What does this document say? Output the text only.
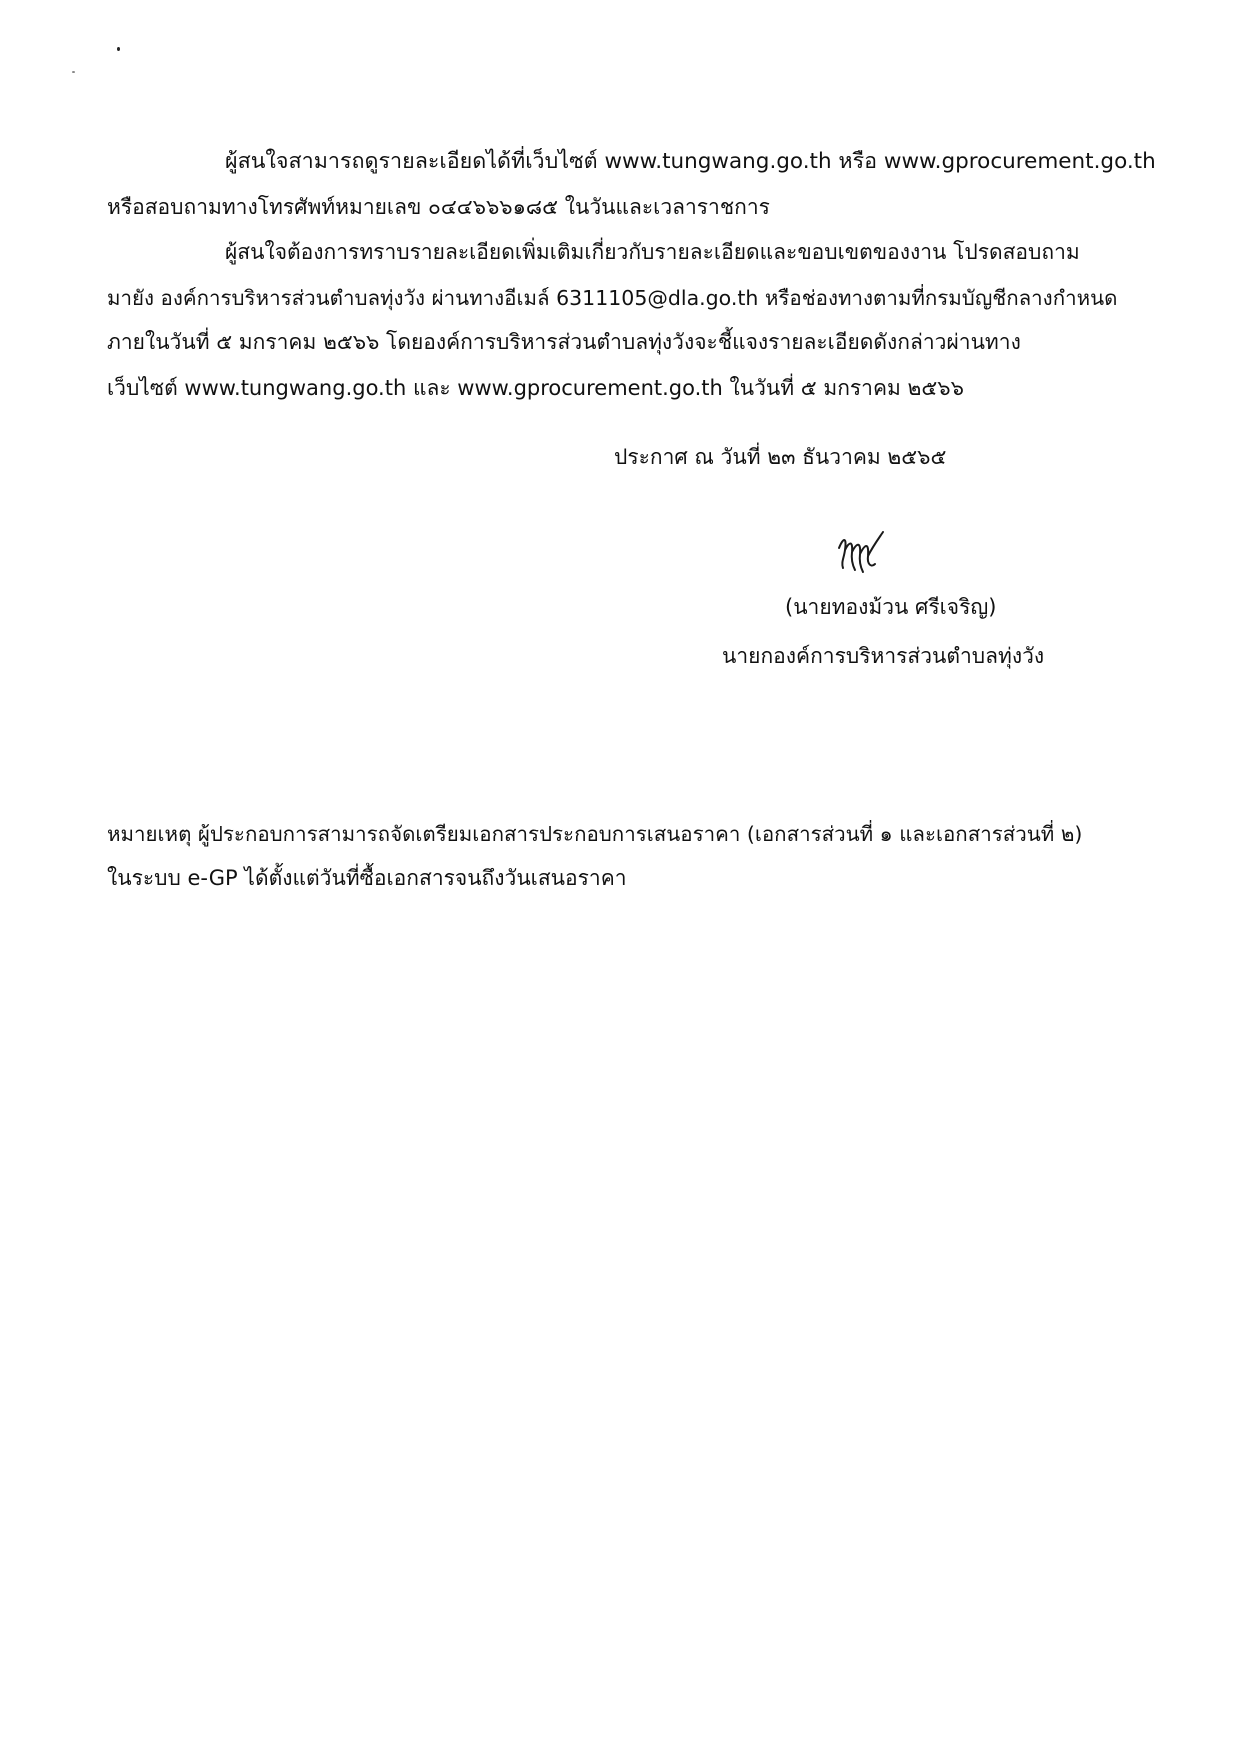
ผู้สนใจสามารถดูรายละเอียดได้ที่เว็บไซต์ www.tungwang.go.th หรือ www.gprocurement.go.th
หรือสอบถามทางโทรศัพท์หมายเลข ๐๔๔๖๖๖๑๘๕ ในวันและเวลาราชการ
ผู้สนใจต้องการทราบรายละเอียดเพิ่มเติมเกี่ยวกับรายละเอียดและขอบเขตของงาน โปรดสอบถาม
มายัง องค์การบริหารส่วนตำบลทุ่งวัง ผ่านทางอีเมล์ 6311105@dla.go.th หรือช่องทางตามที่กรมบัญชีกลางกำหนด
ภายในวันที่ ๕ มกราคม ๒๕๖๖ โดยองค์การบริหารส่วนตำบลทุ่งวังจะชี้แจงรายละเอียดดังกล่าวผ่านทาง
เว็บไซต์ www.tungwang.go.th และ www.gprocurement.go.th ในวันที่ ๕ มกราคม ๒๕๖๖
ประกาศ ณ วันที่ ๒๓ ธันวาคม ๒๕๖๕
(นายทองม้วน ศรีเจริญ)
นายกองค์การบริหารส่วนตำบลทุ่งวัง
หมายเหตุ ผู้ประกอบการสามารถจัดเตรียมเอกสารประกอบการเสนอราคา (เอกสารส่วนที่ ๑ และเอกสารส่วนที่ ๒)
ในระบบ e-GP ได้ตั้งแต่วันที่ซื้อเอกสารจนถึงวันเสนอราคา
